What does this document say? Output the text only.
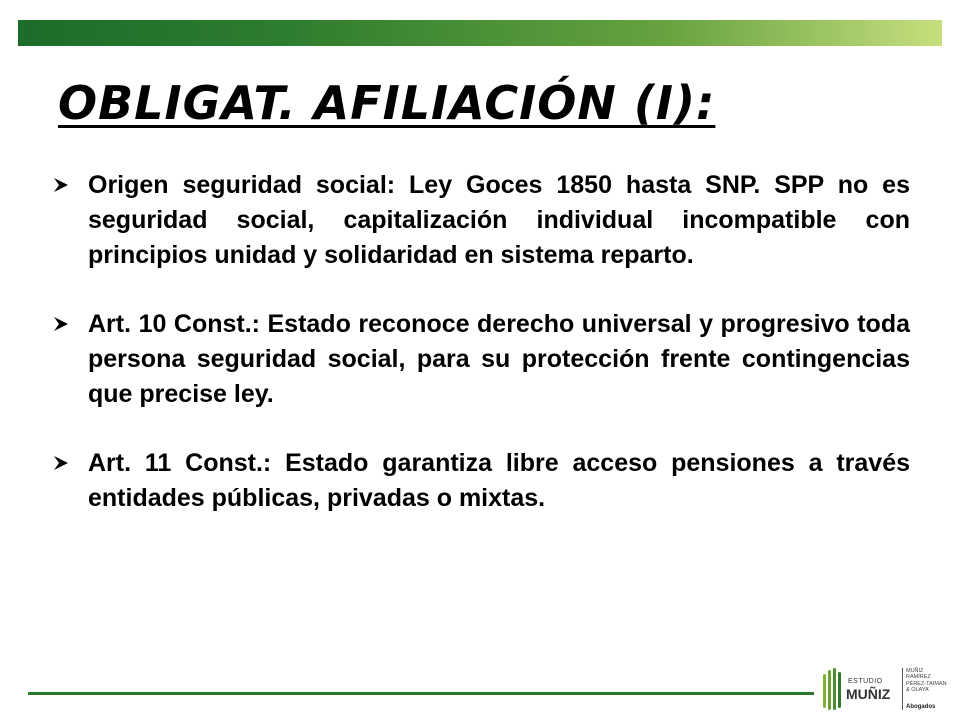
OBLIGAT. AFILIACIÓN (I):

Origen seguridad social: Ley Goces 1850 hasta SNP. SPP no es seguridad social, capitalización individual incompatible con principios unidad y solidaridad en sistema reparto.

Art. 10 Const.: Estado reconoce derecho universal y progresivo toda persona seguridad social, para su protección frente contingencias que precise ley.

Art. 11 Const.: Estado garantiza libre acceso pensiones a través entidades públicas, privadas o mixtas.

ESTUDIO
MUÑIZ
MUÑIZ
RAMÍREZ
PÉREZ-TAIMAN
& OLAYA
Abogados
